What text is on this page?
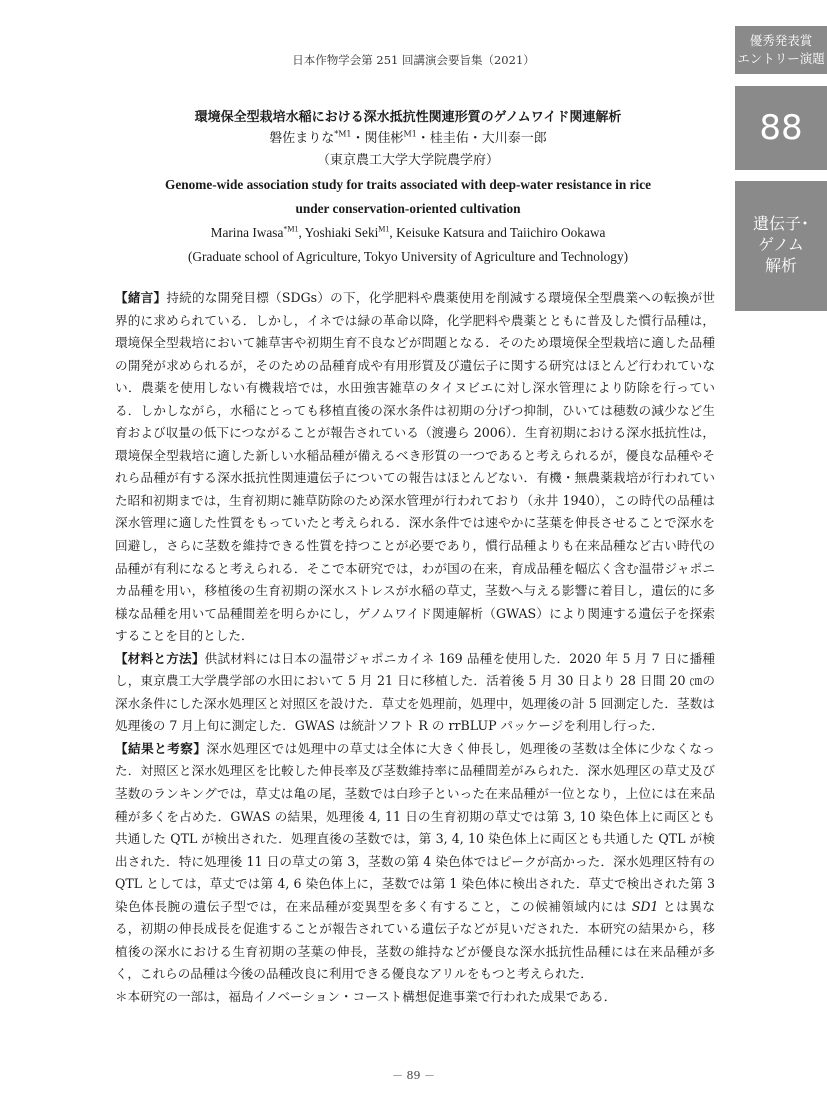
日本作物学会第 251 回講演会要旨集（2021）
優秀発表賞
エントリー演題
88
遺伝子･
ゲノム
解析

環境保全型栽培水稲における深水抵抗性関連形質のゲノムワイド関連解析

磐佐まりな$^{*M1}$・関佳彬$^{M1}$・桂圭佑・大川泰一郎

（東京農工大学大学院農学府）

Genome-wide association study for traits associated with deep-water resistance in rice

under conservation-oriented cultivation

Marina Iwasa$^{*M1}$, Yoshiaki Seki$^{M1}$, Keisuke Katsura and Taiichiro Ookawa

(Graduate school of Agriculture, Tokyo University of Agriculture and Technology)

【緒言】持続的な開発目標（SDGs）の下，化学肥料や農薬使用を削減する環境保全型農業への転換が世界的に求められている．しかし，イネでは緑の革命以降，化学肥料や農薬とともに普及した慣行品種は，環境保全型栽培において雑草害や初期生育不良などが問題となる．そのため環境保全型栽培に適した品種の開発が求められるが，そのための品種育成や有用形質及び遺伝子に関する研究はほとんど行われていない．農薬を使用しない有機栽培では，水田強害雑草のタイヌビエに対し深水管理により防除を行っている．しかしながら，水稲にとっても移植直後の深水条件は初期の分げつ抑制，ひいては穂数の減少など生育および収量の低下につながることが報告されている（渡邊ら 2006）．生育初期における深水抵抗性は，環境保全型栽培に適した新しい水稲品種が備えるべき形質の一つであると考えられるが，優良な品種やそれら品種が有する深水抵抗性関連遺伝子についての報告はほとんどない．有機・無農薬栽培が行われていた昭和初期までは，生育初期に雑草防除のため深水管理が行われており（永井 1940），この時代の品種は深水管理に適した性質をもっていたと考えられる．深水条件では速やかに茎葉を伸長させることで深水を回避し，さらに茎数を維持できる性質を持つことが必要であり，慣行品種よりも在来品種など古い時代の品種が有利になると考えられる．そこで本研究では，わが国の在来，育成品種を幅広く含む温帯ジャポニカ品種を用い，移植後の生育初期の深水ストレスが水稲の草丈，茎数へ与える影響に着目し，遺伝的に多様な品種を用いて品種間差を明らかにし，ゲノムワイド関連解析（GWAS）により関連する遺伝子を探索することを目的とした．

【材料と方法】供試材料には日本の温帯ジャポニカイネ 169 品種を使用した．2020 年 5 月 7 日に播種し，東京農工大学農学部の水田において 5 月 21 日に移植した．活着後 5 月 30 日より 28 日間 20 ㎝の深水条件にした深水処理区と対照区を設けた．草丈を処理前，処理中，処理後の計 5 回測定した．茎数は処理後の 7 月上旬に測定した．GWAS は統計ソフト R の rrBLUP パッケージを利用し行った．

【結果と考察】深水処理区では処理中の草丈は全体に大きく伸長し，処理後の茎数は全体に少なくなった．対照区と深水処理区を比較した伸長率及び茎数維持率に品種間差がみられた．深水処理区の草丈及び茎数のランキングでは，草丈は亀の尾，茎数では白珍子といった在来品種が一位となり，上位には在来品種が多くを占めた．GWAS の結果，処理後 4, 11 日の生育初期の草丈では第 3, 10 染色体上に両区とも共通した QTL が検出された．処理直後の茎数では，第 3, 4, 10 染色体上に両区とも共通した QTL が検出された．特に処理後 11 日の草丈の第 3，茎数の第 4 染色体ではピークが高かった．深水処理区特有の QTL としては，草丈では第 4, 6 染色体上に，茎数では第 1 染色体に検出された．草丈で検出された第 3 染色体長腕の遺伝子型では，在来品種が変異型を多く有すること，この候補領域内には SD1 とは異なる，初期の伸長成長を促進することが報告されている遺伝子などが見いだされた．本研究の結果から，移植後の深水における生育初期の茎葉の伸長，茎数の維持などが優良な深水抵抗性品種には在来品種が多く，これらの品種は今後の品種改良に利用できる優良なアリルをもつと考えられた．

＊本研究の一部は，福島イノベーション・コースト構想促進事業で行われた成果である．

－ 89 －
